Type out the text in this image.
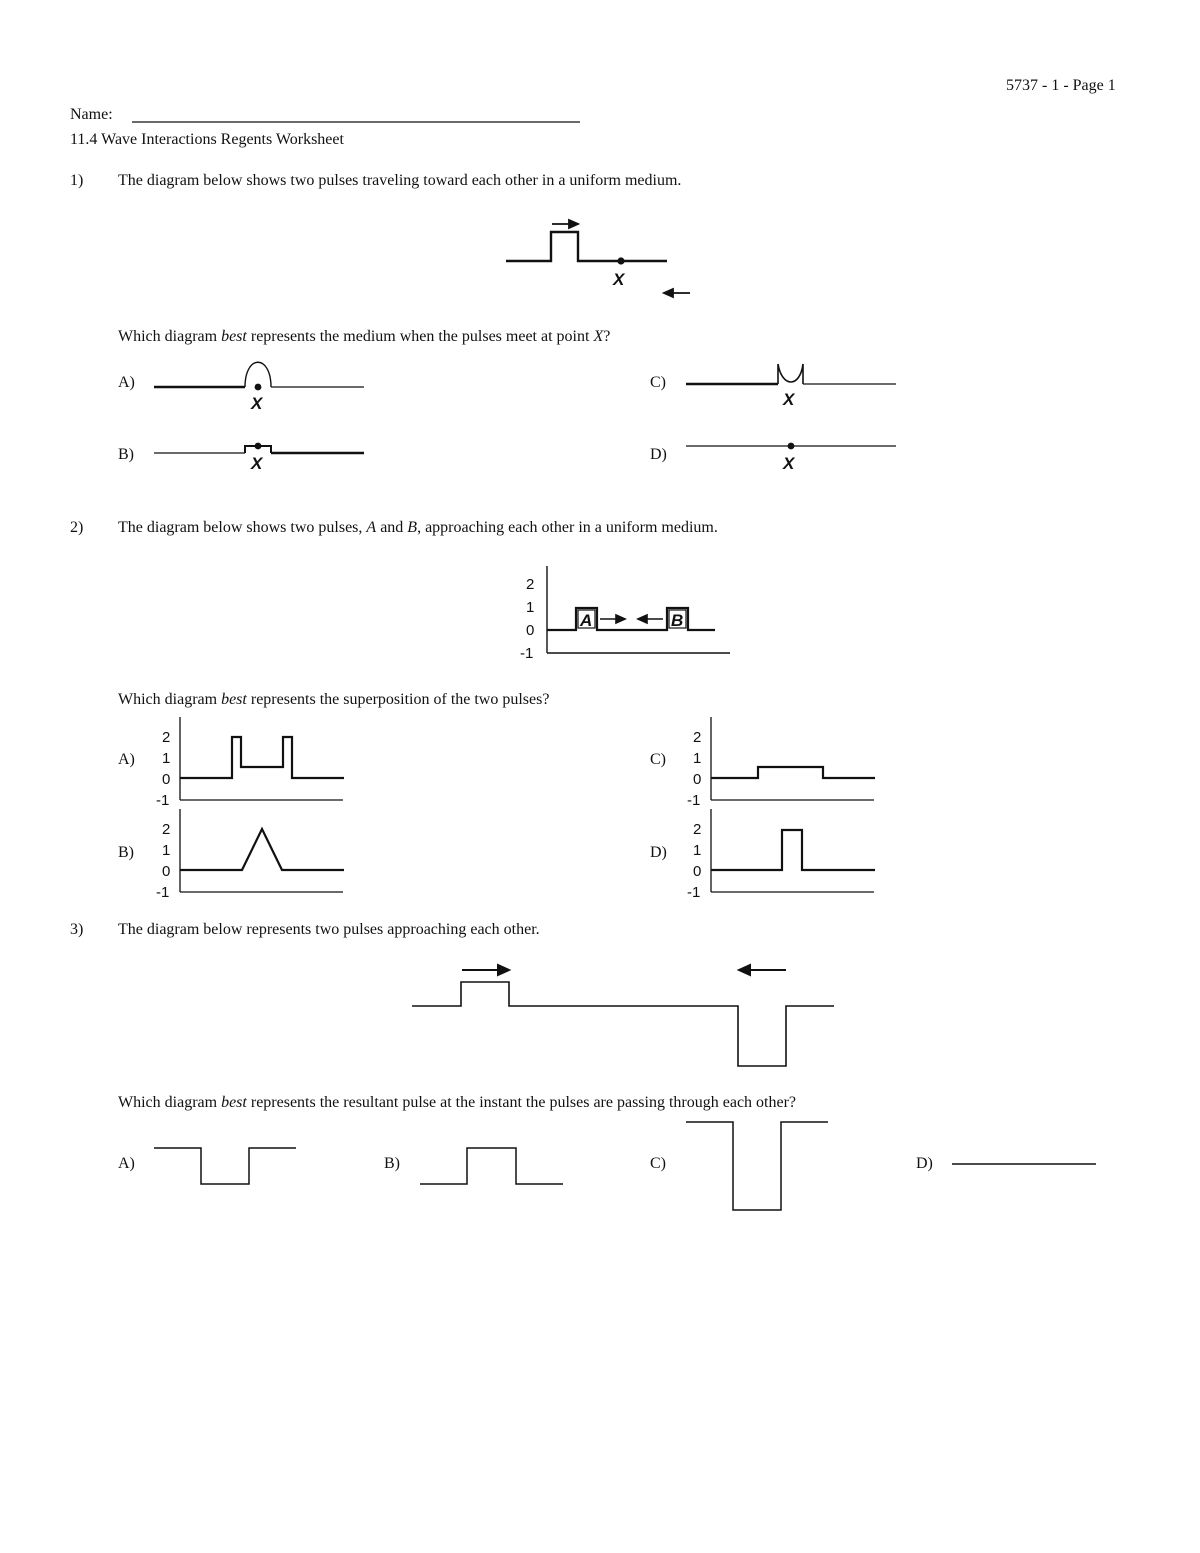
5737 - 1 - Page 1
Name:
11.4 Wave Interactions Regents Worksheet
1) The diagram below shows two pulses traveling toward each other in a uniform medium.
X
Which diagram best represents the medium when the pulses meet at point X?
A)
B)
C)
D)
X
X
X
X
2) The diagram below shows two pulses, A and B, approaching each other in a uniform medium.
2
1
0
-1
A	B
Which diagram best represents the superposition of the two pulses?
A)
B)
C)
D)
2
1
0
-1
2
1
0
-1
2
1
0
-1
2
1
0
-1
3) The diagram below represents two pulses approaching each other.
Which diagram best represents the resultant pulse at the instant the pulses are passing through each other?
A)	B)	C)	D)
